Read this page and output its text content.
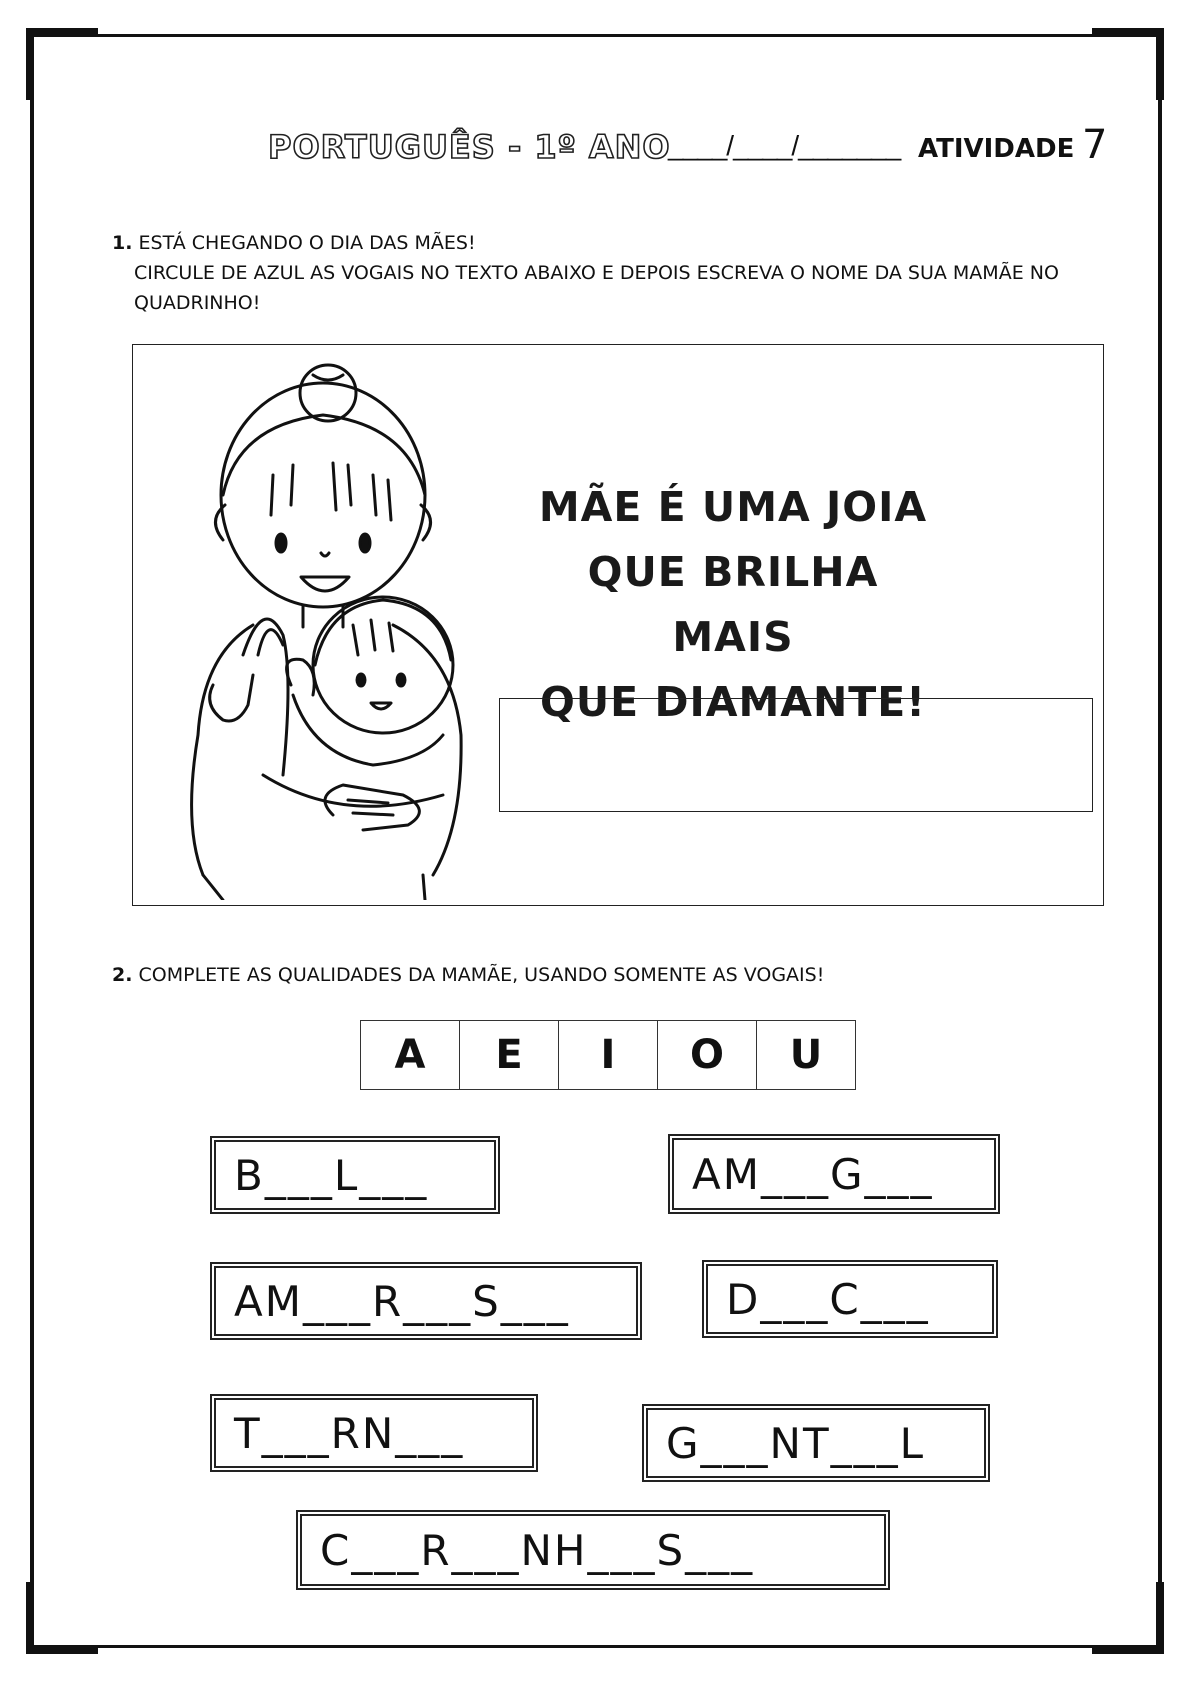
PORTUGUÊS - 1º ANO
____/____/_______ ATIVIDADE 7
1. ESTÁ CHEGANDO O DIA DAS MÃES!
CIRCULE DE AZUL AS VOGAIS NO TEXTO ABAIXO E DEPOIS ESCREVA O NOME DA SUA MAMÃE NO
QUADRINHO!
MÃE É UMA JOIA
QUE BRILHA MAIS
QUE DIAMANTE!
2. COMPLETE AS QUALIDADES DA MAMÃE, USANDO SOMENTE AS VOGAIS!
A	E	I	O	U
B___L___	AM___G___
AM___R___S___	D___C___
T___RN___	G___NT___L
C___R___NH___S___
